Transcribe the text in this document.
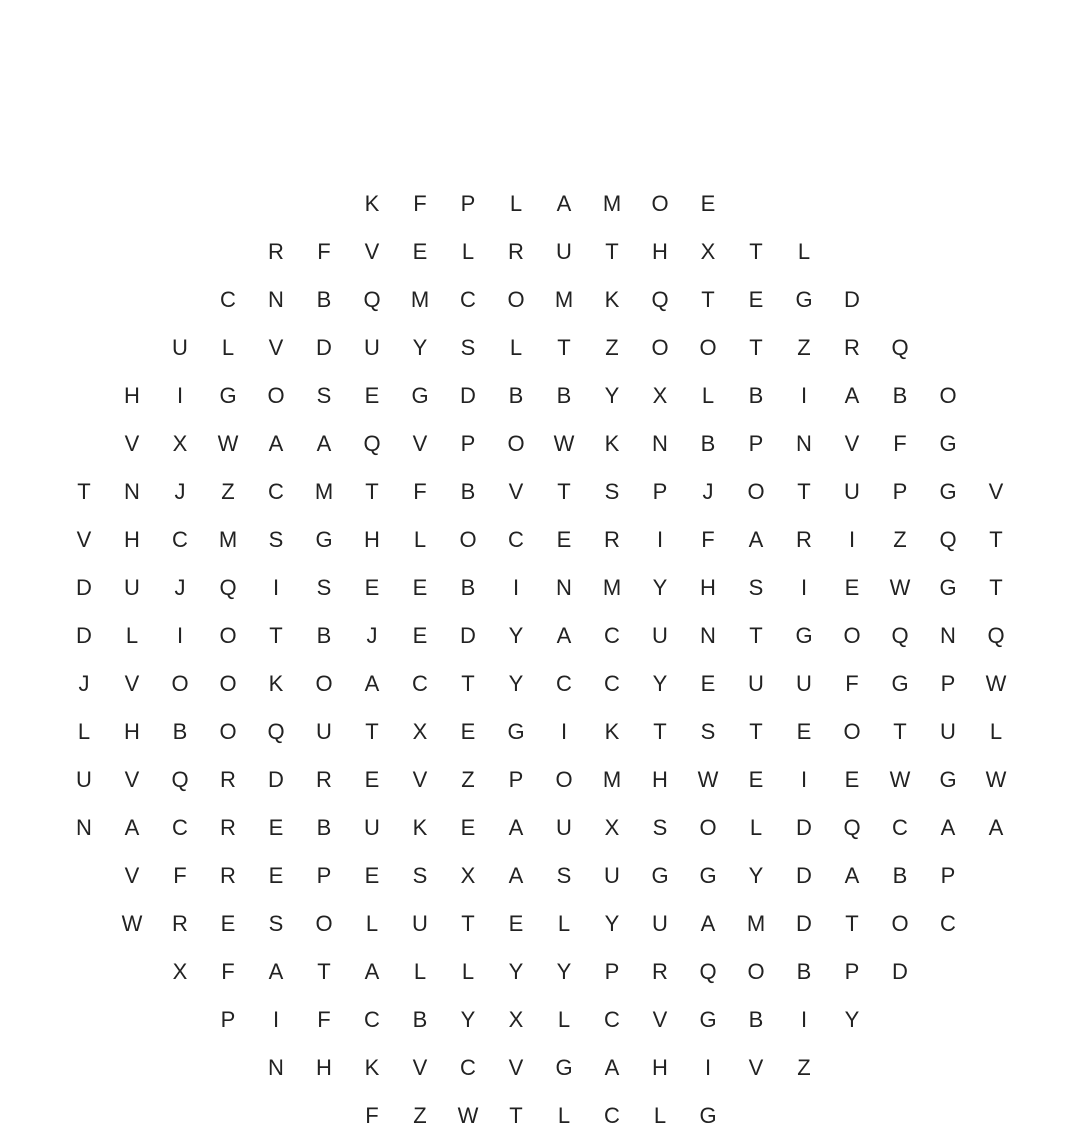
K	F	P	L	A	M	O	E
R	F	V	E	L	R	U	T	H	X	T	L
C	N	B	Q	M	C	O	M	K	Q	T	E	G	D
U	L	V	D	U	Y	S	L	T	Z	O	O	T	Z	R	Q
H	I	G	O	S	E	G	D	B	B	Y	X	L	B	I	A	B	O
V	X	W	A	A	Q	V	P	O	W	K	N	B	P	N	V	F	G
T	N	J	Z	C	M	T	F	B	V	T	S	P	J	O	T	U	P	G	V
V	H	C	M	S	G	H	L	O	C	E	R	I	F	A	R	I	Z	Q	T
D	U	J	Q	I	S	E	E	B	I	N	M	Y	H	S	I	E	W	G	T
D	L	I	O	T	B	J	E	D	Y	A	C	U	N	T	G	O	Q	N	Q
J	V	O	O	K	O	A	C	T	Y	C	C	Y	E	U	U	F	G	P	W
L	H	B	O	Q	U	T	X	E	G	I	K	T	S	T	E	O	T	U	L
U	V	Q	R	D	R	E	V	Z	P	O	M	H	W	E	I	E	W	G	W
N	A	C	R	E	B	U	K	E	A	U	X	S	O	L	D	Q	C	A	A
V	F	R	E	P	E	S	X	A	S	U	G	G	Y	D	A	B	P
W	R	E	S	O	L	U	T	E	L	Y	U	A	M	D	T	O	C
X	F	A	T	A	L	L	Y	Y	P	R	Q	O	B	P	D
P	I	F	C	B	Y	X	L	C	V	G	B	I	Y
N	H	K	V	C	V	G	A	H	I	V	Z
F	Z	W	T	L	C	L	G
